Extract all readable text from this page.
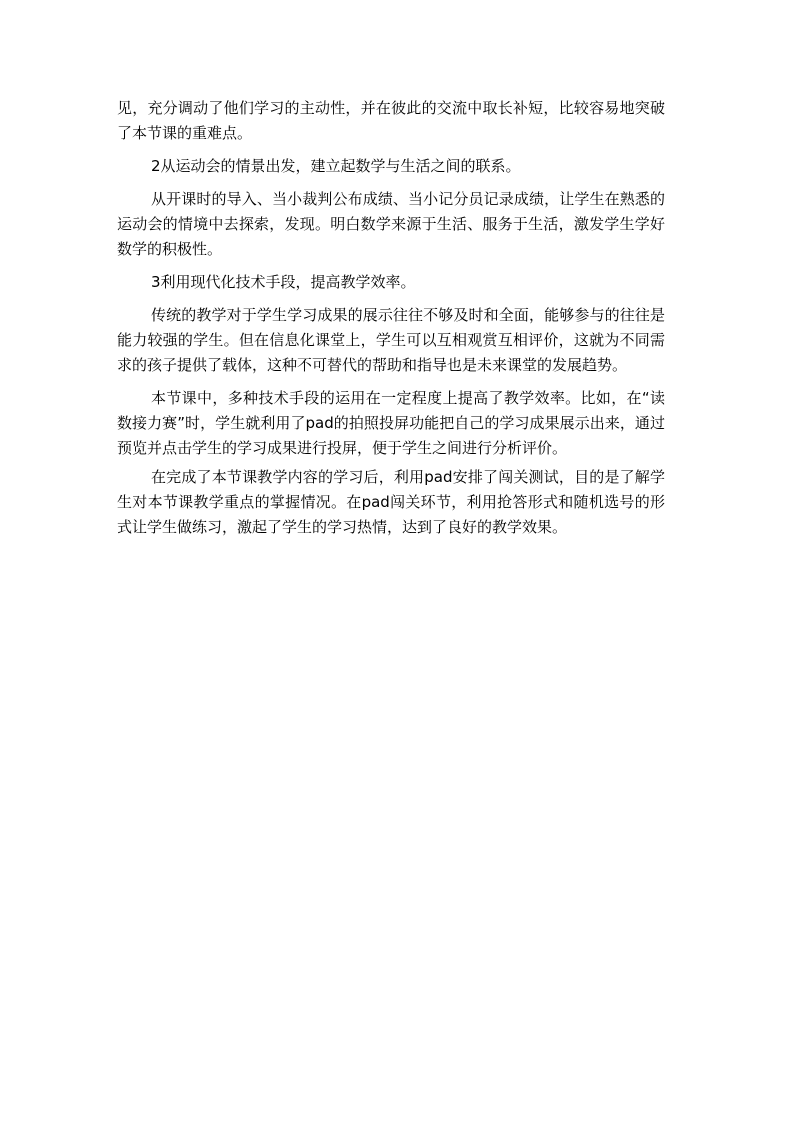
见，充分调动了他们学习的主动性，并在彼此的交流中取长补短，比较容易地突破了本节课的重难点。

2从运动会的情景出发，建立起数学与生活之间的联系。

从开课时的导入、当小裁判公布成绩、当小记分员记录成绩，让学生在熟悉的运动会的情境中去探索，发现。明白数学来源于生活、服务于生活，激发学生学好数学的积极性。

3利用现代化技术手段，提高教学效率。

传统的教学对于学生学习成果的展示往往不够及时和全面，能够参与的往往是能力较强的学生。但在信息化课堂上，学生可以互相观赏互相评价，这就为不同需求的孩子提供了载体，这种不可替代的帮助和指导也是未来课堂的发展趋势。

本节课中，多种技术手段的运用在一定程度上提高了教学效率。比如，在“读数接力赛”时，学生就利用了pad的拍照投屏功能把自己的学习成果展示出来，通过预览并点击学生的学习成果进行投屏，便于学生之间进行分析评价。

在完成了本节课教学内容的学习后，利用pad安排了闯关测试，目的是了解学生对本节课教学重点的掌握情况。在pad闯关环节，利用抢答形式和随机选号的形式让学生做练习，激起了学生的学习热情，达到了良好的教学效果。
